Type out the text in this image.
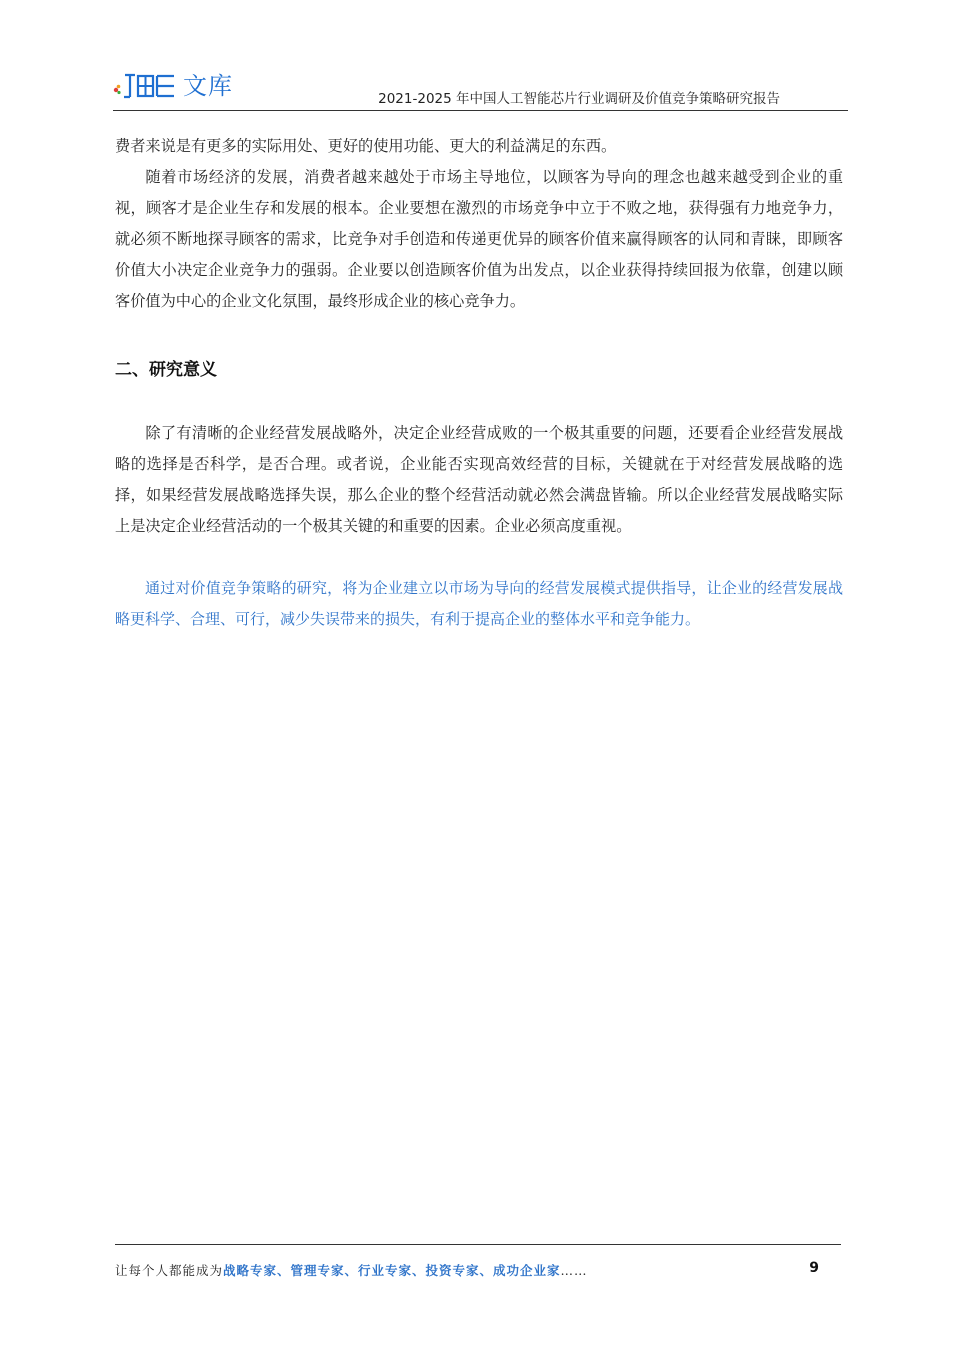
文库	2021-2025 年中国人工智能芯片行业调研及价值竞争策略研究报告

费者来说是有更多的实际用处、更好的使用功能、更大的利益满足的东西。

随着市场经济的发展，消费者越来越处于市场主导地位，以顾客为导向的理念也越来越受到企业的重视，顾客才是企业生存和发展的根本。企业要想在激烈的市场竞争中立于不败之地，获得强有力地竞争力，就必须不断地探寻顾客的需求，比竞争对手创造和传递更优异的顾客价值来赢得顾客的认同和青睐，即顾客价值大小决定企业竞争力的强弱。企业要以创造顾客价值为出发点，以企业获得持续回报为依靠，创建以顾客价值为中心的企业文化氛围，最终形成企业的核心竞争力。

二、研究意义

除了有清晰的企业经营发展战略外，决定企业经营成败的一个极其重要的问题，还要看企业经营发展战略的选择是否科学，是否合理。或者说，企业能否实现高效经营的目标，关键就在于对经营发展战略的选择，如果经营发展战略选择失误，那么企业的整个经营活动就必然会满盘皆输。所以企业经营发展战略实际上是决定企业经营活动的一个极其关键的和重要的因素。企业必须高度重视。

通过对价值竞争策略的研究，将为企业建立以市场为导向的经营发展模式提供指导，让企业的经营发展战略更科学、合理、可行，减少失误带来的损失，有利于提高企业的整体水平和竞争能力。

让每个人都能成为战略专家、管理专家、行业专家、投资专家、成功企业家……	9
